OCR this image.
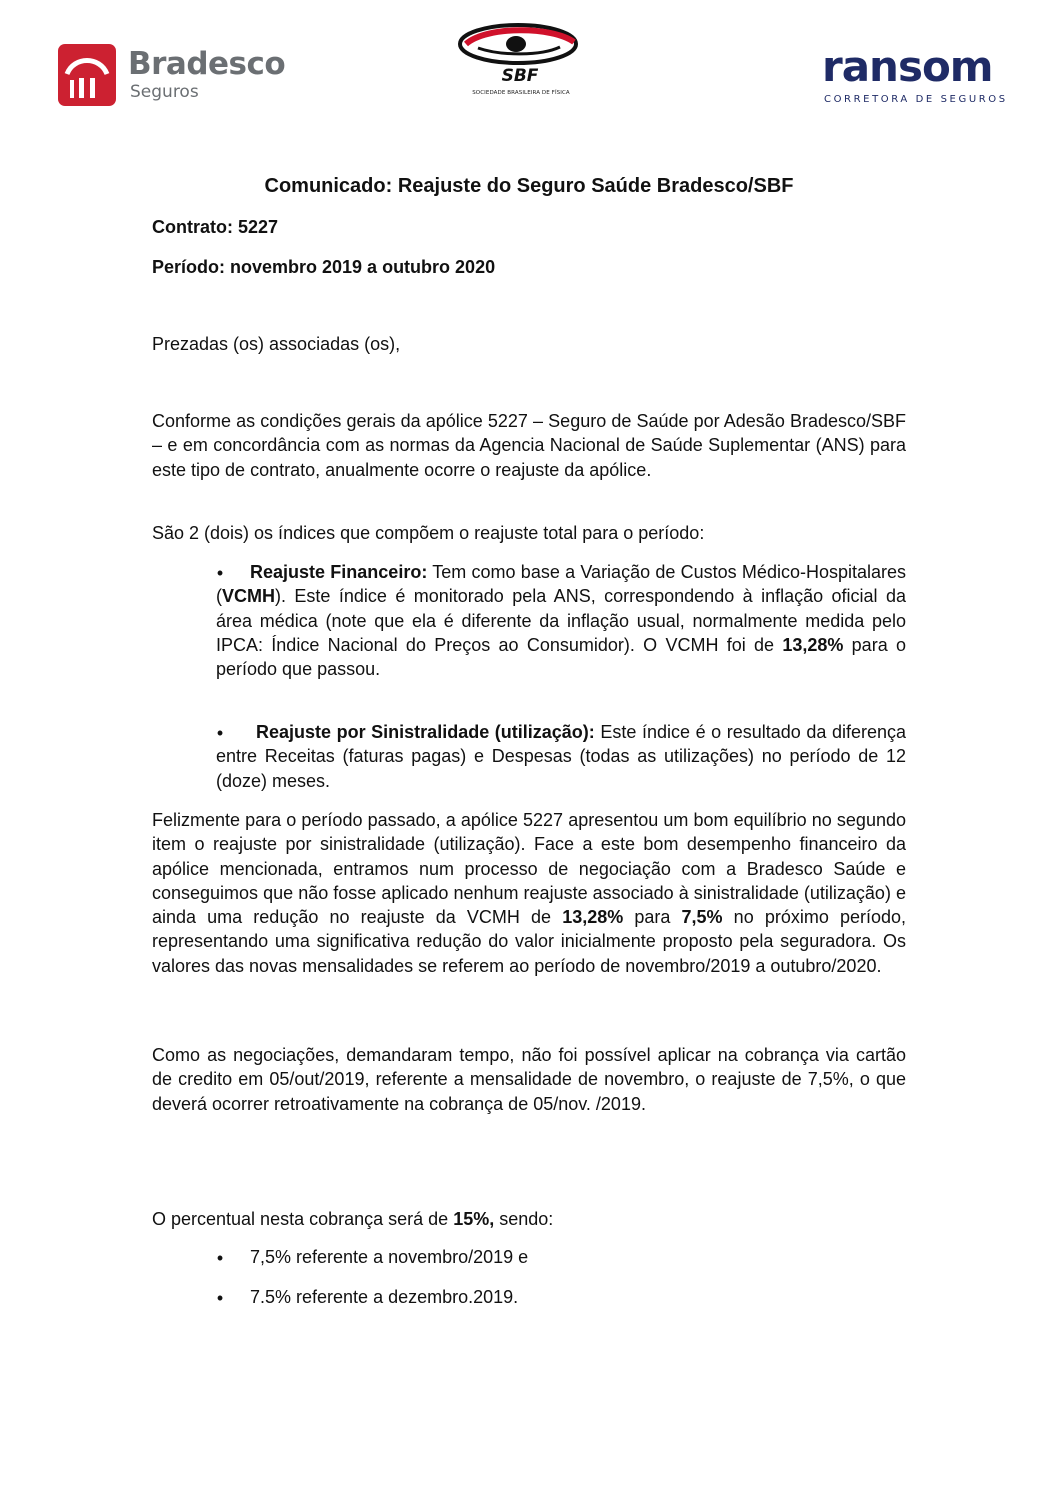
Bradesco
Seguros
SBF
SOCIEDADE BRASILEIRA DE FÍSICA
ransom
CORRETORA DE SEGUROS
Comunicado: Reajuste do Seguro Saúde Bradesco/SBF
Contrato: 5227
Período: novembro 2019 a outubro 2020

Prezadas (os) associadas (os),

Conforme as condições gerais da apólice 5227 – Seguro de Saúde por Adesão Bradesco/SBF – e em concordância com as normas da Agencia Nacional de Saúde Suplementar (ANS) para este tipo de contrato, anualmente ocorre o reajuste da apólice.

São 2 (dois) os índices que compõem o reajuste total para o período:

•	Reajuste Financeiro: Tem como base a Variação de Custos Médico-Hospitalares (VCMH). Este índice é monitorado pela ANS, correspondendo à inflação oficial da área médica (note que ela é diferente da inflação usual, normalmente medida pelo IPCA: Índice Nacional do Preços ao Consumidor). O VCMH foi de 13,28% para o período que passou.

•	Reajuste por Sinistralidade (utilização): Este índice é o resultado da diferença entre Receitas (faturas pagas) e Despesas (todas as utilizações) no período de 12 (doze) meses.

Felizmente para o período passado, a apólice 5227 apresentou um bom equilíbrio no segundo item o reajuste por sinistralidade (utilização). Face a este bom desempenho financeiro da apólice mencionada, entramos num processo de negociação com a Bradesco Saúde e conseguimos que não fosse aplicado nenhum reajuste associado à sinistralidade (utilização) e ainda uma redução no reajuste da VCMH de 13,28% para 7,5% no próximo período, representando uma significativa redução do valor inicialmente proposto pela seguradora. Os valores das novas mensalidades se referem ao período de novembro/2019 a outubro/2020.

Como as negociações, demandaram tempo, não foi possível aplicar na cobrança via cartão de credito em 05/out/2019, referente a mensalidade de novembro, o reajuste de 7,5%, o que deverá ocorrer retroativamente na cobrança de 05/nov. /2019.

O percentual nesta cobrança será de 15%, sendo:

• 7,5% referente a novembro/2019 e

• 7.5% referente a dezembro.2019.
